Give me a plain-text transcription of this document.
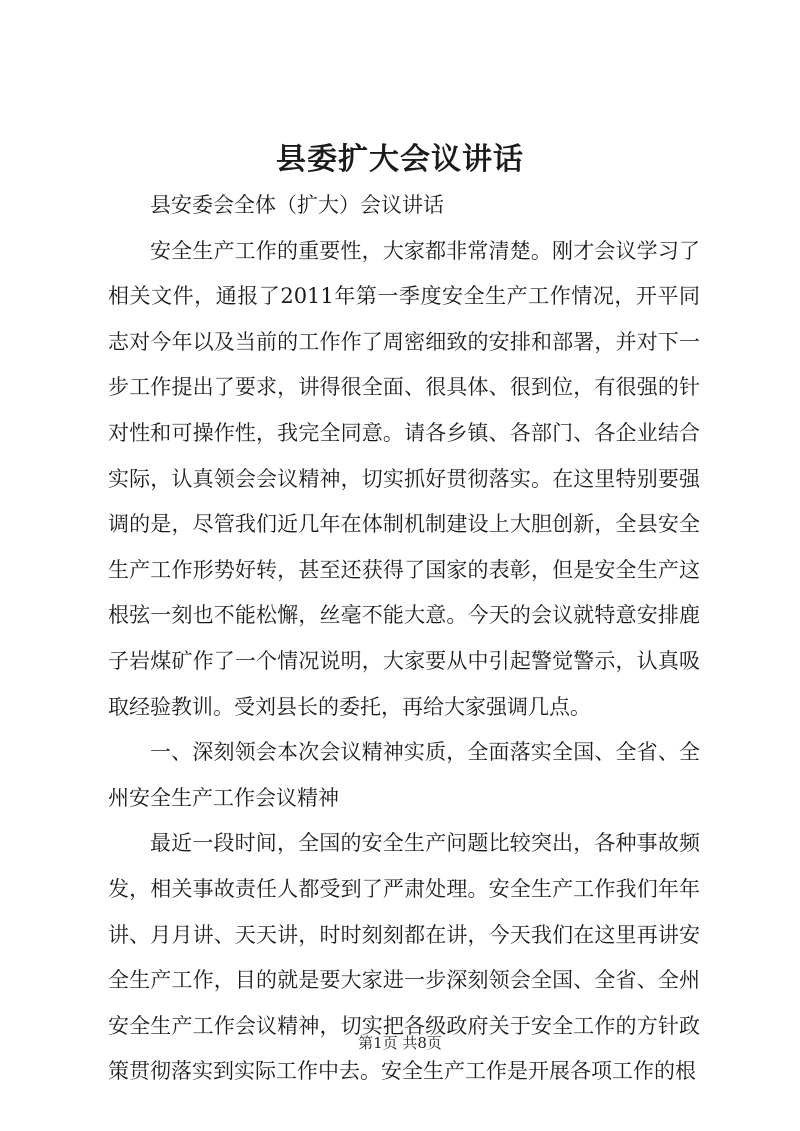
县委扩大会议讲话

县安委会全体（扩大）会议讲话

安全生产工作的重要性，大家都非常清楚。刚才会议学习了相关文件，通报了2011年第一季度安全生产工作情况，开平同志对今年以及当前的工作作了周密细致的安排和部署，并对下一步工作提出了要求，讲得很全面、很具体、很到位，有很强的针对性和可操作性，我完全同意。请各乡镇、各部门、各企业结合实际，认真领会会议精神，切实抓好贯彻落实。在这里特别要强调的是，尽管我们近几年在体制机制建设上大胆创新，全县安全生产工作形势好转，甚至还获得了国家的表彰，但是安全生产这根弦一刻也不能松懈，丝毫不能大意。今天的会议就特意安排鹿子岩煤矿作了一个情况说明，大家要从中引起警觉警示，认真吸取经验教训。受刘县长的委托，再给大家强调几点。

一、深刻领会本次会议精神实质，全面落实全国、全省、全州安全生产工作会议精神

最近一段时间，全国的安全生产问题比较突出，各种事故频发，相关事故责任人都受到了严肃处理。安全生产工作我们年年讲、月月讲、天天讲，时时刻刻都在讲，今天我们在这里再讲安全生产工作，目的就是要大家进一步深刻领会全国、全省、全州安全生产工作会议精神，切实把各级政府关于安全工作的方针政策贯彻落实到实际工作中去。安全生产工作是开展各项工作的根

第1页 共8页
